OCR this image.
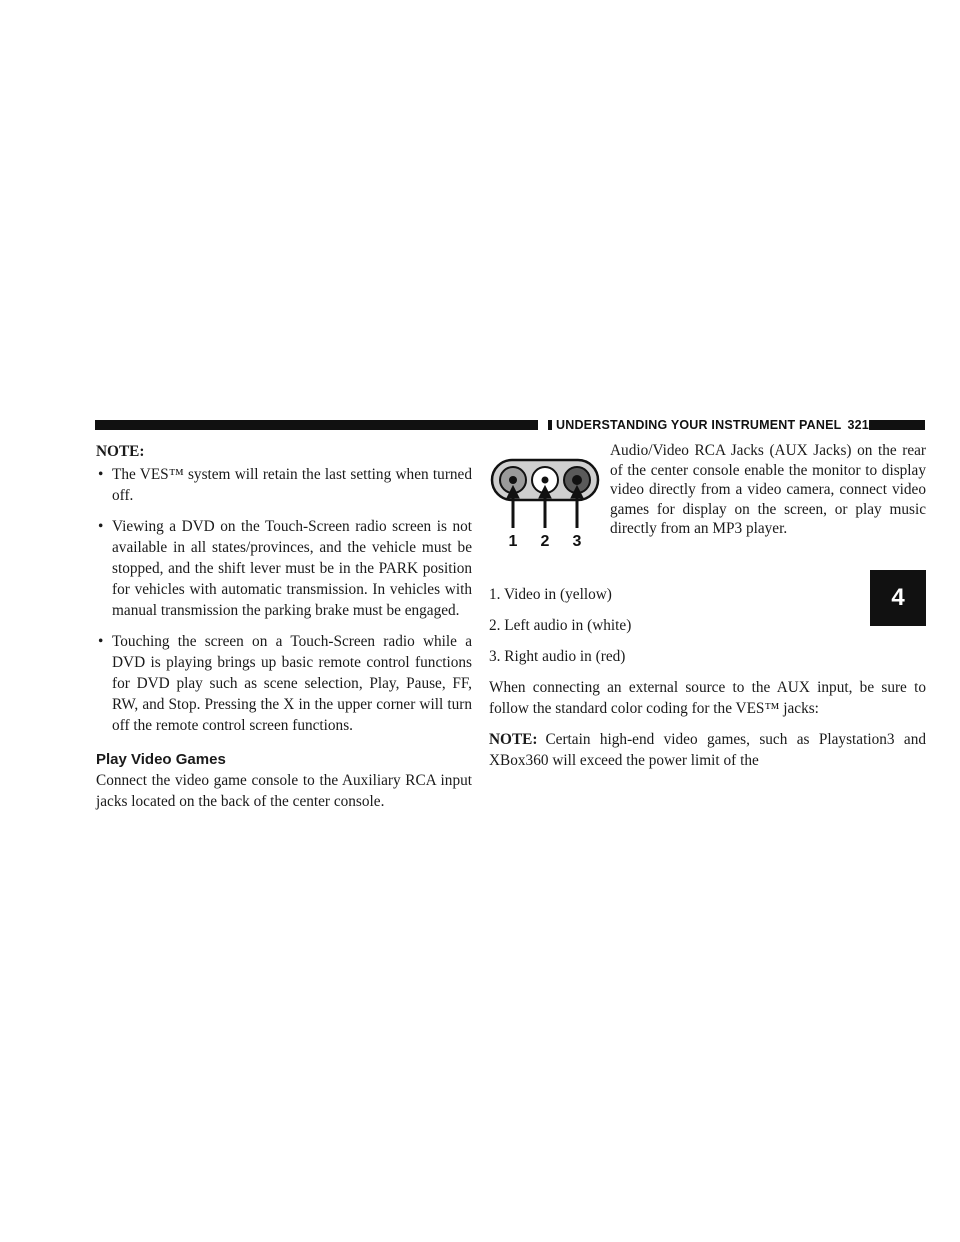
UNDERSTANDING YOUR INSTRUMENT PANEL 321
4
NOTE:
• The VES™ system will retain the last setting when turned off.
• Viewing a DVD on the Touch-Screen radio screen is not available in all states/provinces, and the vehicle must be stopped, and the shift lever must be in the PARK position for vehicles with automatic transmission. In vehicles with manual transmission the parking brake must be engaged.
• Touching the screen on a Touch-Screen radio while a DVD is playing brings up basic remote control functions for DVD play such as scene selection, Play, Pause, FF, RW, and Stop. Pressing the X in the upper corner will turn off the remote control screen functions.
Play Video Games
Connect the video game console to the Auxiliary RCA input jacks located on the back of the center console.
1 2 3
Audio/Video RCA Jacks (AUX Jacks) on the rear of the center console enable the monitor to display video directly from a video camera, connect video games for display on the screen, or play music directly from an MP3 player.
1. Video in (yellow)
2. Left audio in (white)
3. Right audio in (red)
When connecting an external source to the AUX input, be sure to follow the standard color coding for the VES™ jacks:
NOTE: Certain high-end video games, such as Playstation3 and XBox360 will exceed the power limit of the
